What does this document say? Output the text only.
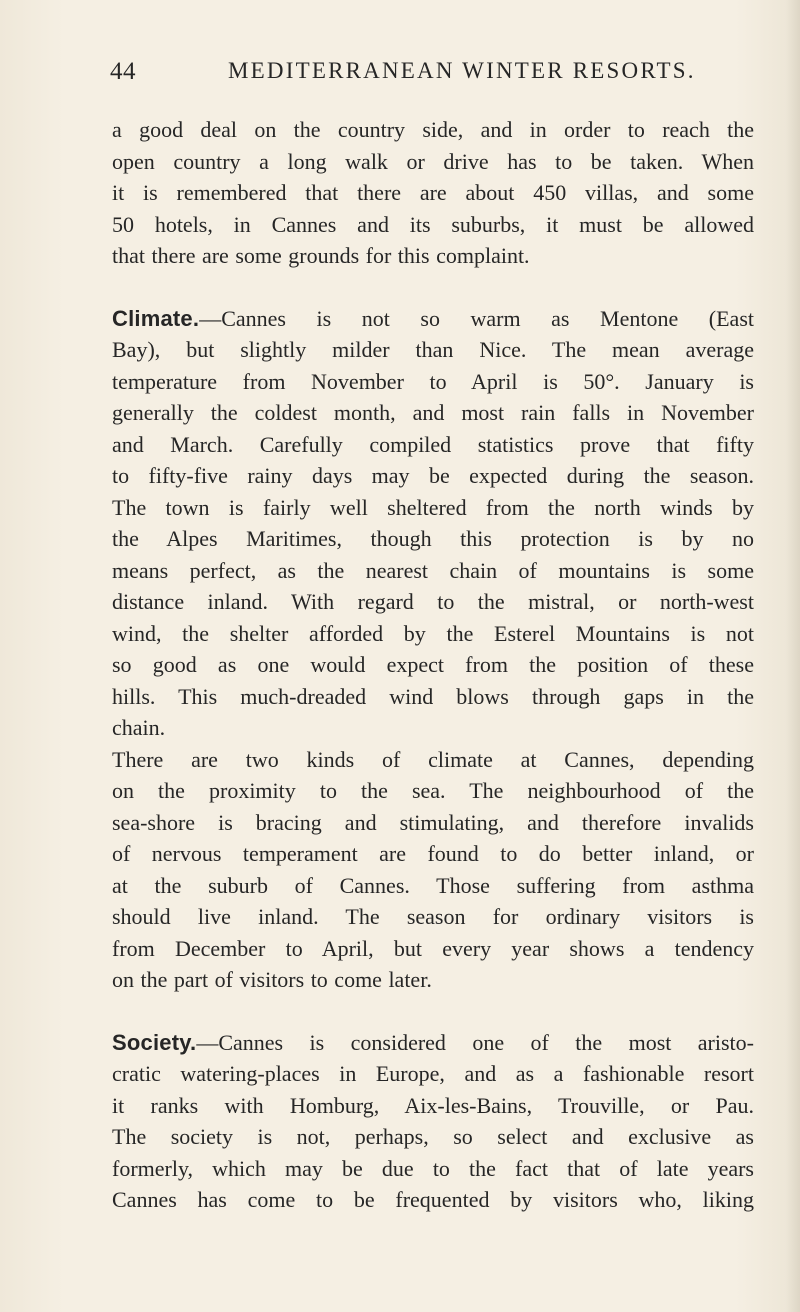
44	MEDITERRANEAN WINTER RESORTS.
a good deal on the country side, and in order to reach the
open country a long walk or drive has to be taken. When
it is remembered that there are about 450 villas, and some
50 hotels, in Cannes and its suburbs, it must be allowed
that there are some grounds for this complaint.
Climate.—Cannes is not so warm as Mentone (East
Bay), but slightly milder than Nice. The mean average
temperature from November to April is 50°. January is
generally the coldest month, and most rain falls in November
and March. Carefully compiled statistics prove that fifty
to fifty-five rainy days may be expected during the season.
The town is fairly well sheltered from the north winds by
the Alpes Maritimes, though this protection is by no
means perfect, as the nearest chain of mountains is some
distance inland. With regard to the mistral, or north-west
wind, the shelter afforded by the Esterel Mountains is not
so good as one would expect from the position of these
hills. This much-dreaded wind blows through gaps in the
chain.
There are two kinds of climate at Cannes, depending
on the proximity to the sea. The neighbourhood of the
sea-shore is bracing and stimulating, and therefore invalids
of nervous temperament are found to do better inland, or
at the suburb of Cannes. Those suffering from asthma
should live inland. The season for ordinary visitors is
from December to April, but every year shows a tendency
on the part of visitors to come later.
Society.—Cannes is considered one of the most aristo-
cratic watering-places in Europe, and as a fashionable resort
it ranks with Homburg, Aix-les-Bains, Trouville, or Pau.
The society is not, perhaps, so select and exclusive as
formerly, which may be due to the fact that of late years
Cannes has come to be frequented by visitors who, liking
